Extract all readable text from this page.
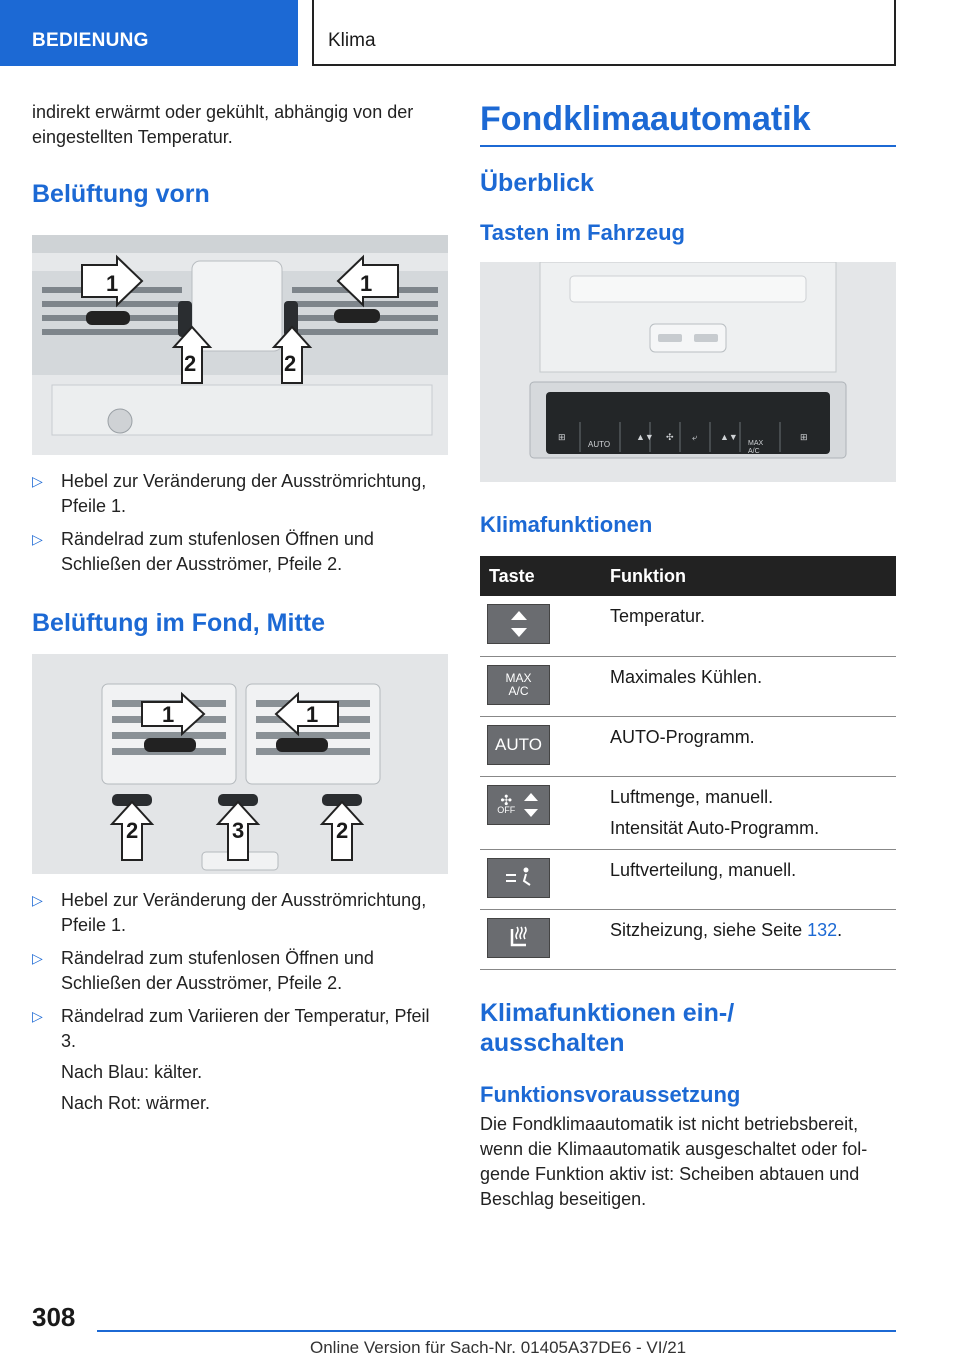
BEDIENUNG	Klima

indirekt erwärmt oder gekühlt, abhängig von der eingestellten Temperatur.

Belüftung vorn
1	1
2	2
▷ Hebel zur Veränderung der Ausströmrichtung, Pfeile 1.
▷ Rändelrad zum stufenlosen Öffnen und Schließen der Ausströmer, Pfeile 2.
Belüftung im Fond, Mitte
1	1
2	3	2
▷ Hebel zur Veränderung der Ausströmrichtung, Pfeile 1.
▷ Rändelrad zum stufenlosen Öffnen und Schließen der Ausströmer, Pfeile 2.
▷ Rändelrad zum Variieren der Temperatur, Pfeil 3.
Nach Blau: kälter.
Nach Rot: wärmer.
Fondklimaautomatik
Überblick
Tasten im Fahrzeug
▲▼ ✣ ⤶	▲▼
⊞	⊞
AUTO	MAX A/C
Klimafunktionen
Taste	Funktion

	Temperatur.

MAX A/C	Maximales Kühlen.

AUTO	AUTO-Programm.

✣
OFF	Luftmenge, manuell.
Intensität Auto-Programm.

	Luftverteilung, manuell.

	Sitzheizung, siehe Seite 132.
Klimafunktionen ein-/ ausschalten
Funktionsvoraussetzung

Die Fondklimaautomatik ist nicht betriebsbereit, wenn die Klimaautomatik ausgeschaltet oder folgende Funktion aktiv ist: Scheiben abtauen und Beschlag beseitigen.

308
Online Version für Sach-Nr. 01405A37DE6 - VI/21
